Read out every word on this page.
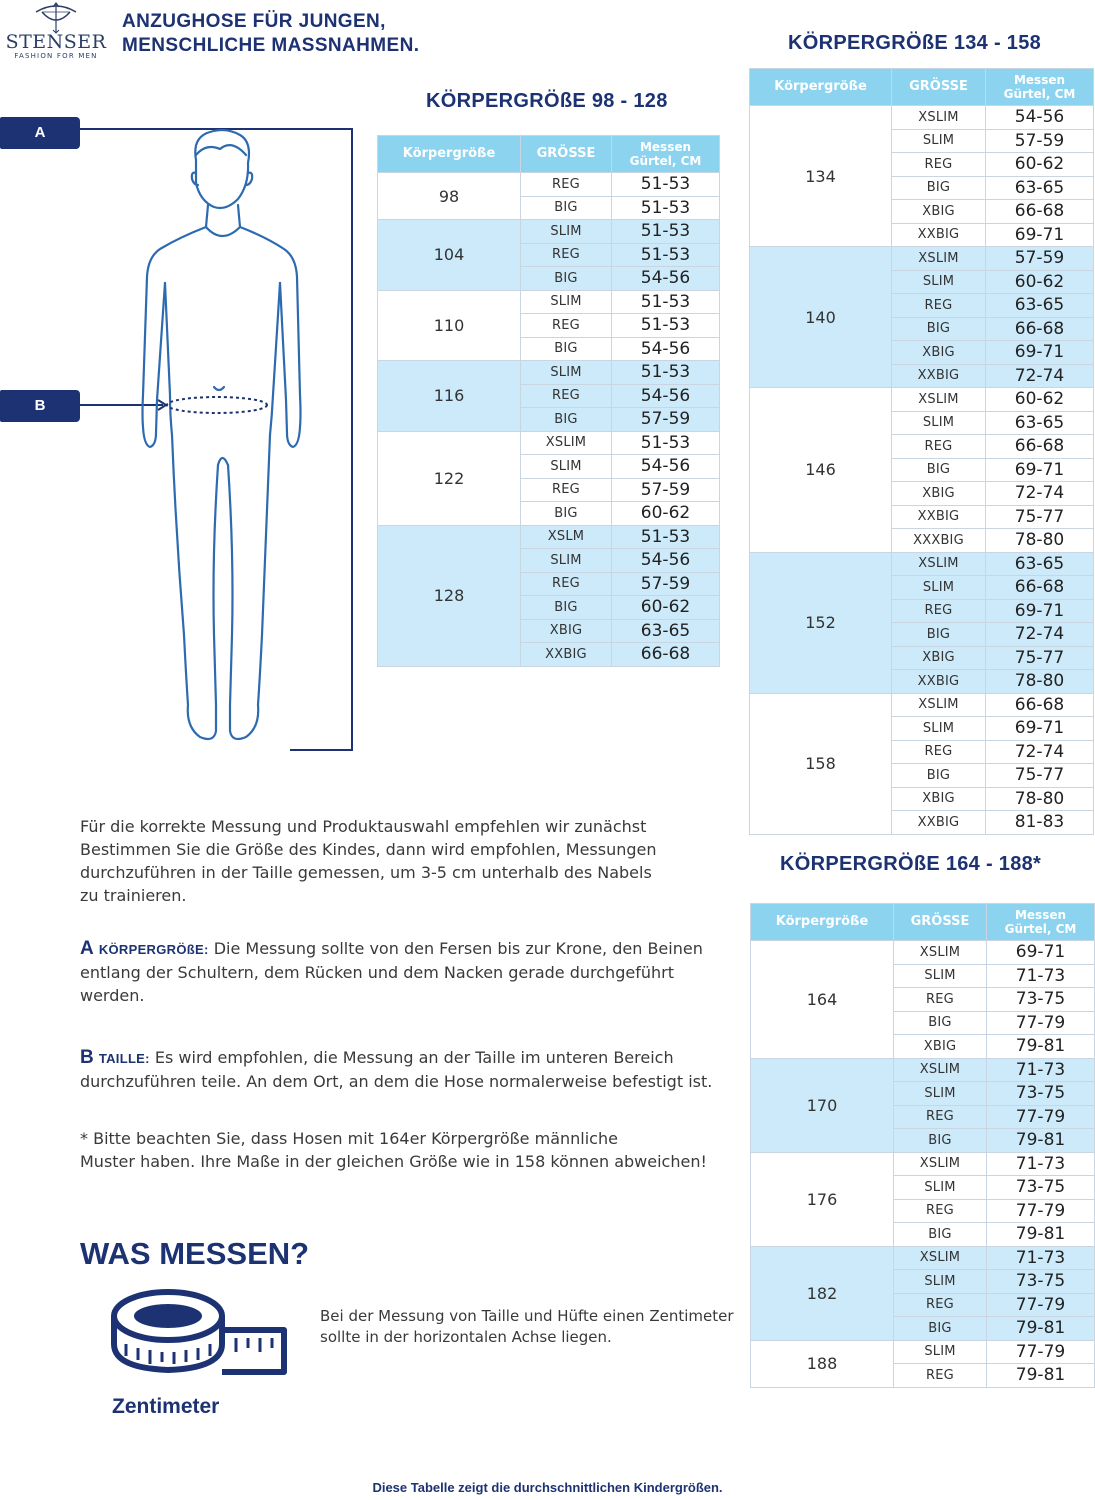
STENSER
FASHION FOR MEN
ANZUGHOSE FÜR JUNGEN,
MENSCHLICHE MASSNAHMEN.
KÖRPERGRÖßE 98 - 128
KÖRPERGRÖßE 134 - 158
KÖRPERGRÖßE 164 - 188*
Körpergröße	GRÖSSE	Messen
Gürtel, CM

98	REG	51-53
	BIG	51-53
104	SLIM	51-53
	REG	51-53
	BIG	54-56
110	SLIM	51-53
	REG	51-53
	BIG	54-56
116	SLIM	51-53
	REG	54-56
	BIG	57-59
122	XSLIM	51-53
	SLIM	54-56
	REG	57-59
	BIG	60-62
128	XSLM	51-53
	SLIM	54-56
	REG	57-59
	BIG	60-62
	XBIG	63-65
	XXBIG	66-68
Körpergröße	GRÖSSE	Messen
Gürtel, CM

134	XSLIM	54-56
	SLIM	57-59
	REG	60-62
	BIG	63-65
	XBIG	66-68
	XXBIG	69-71
140	XSLIM	57-59
	SLIM	60-62
	REG	63-65
	BIG	66-68
	XBIG	69-71
	XXBIG	72-74
146	XSLIM	60-62
	SLIM	63-65
	REG	66-68
	BIG	69-71
	XBIG	72-74
	XXBIG	75-77
	XXXBIG	78-80
152	XSLIM	63-65
	SLIM	66-68
	REG	69-71
	BIG	72-74
	XBIG	75-77
	XXBIG	78-80
158	XSLIM	66-68
	SLIM	69-71
	REG	72-74
	BIG	75-77
	XBIG	78-80
	XXBIG	81-83
Körpergröße	GRÖSSE	Messen
Gürtel, CM

164	XSLIM	69-71
	SLIM	71-73
	REG	73-75
	BIG	77-79
	XBIG	79-81
170	XSLIM	71-73
	SLIM	73-75
	REG	77-79
	BIG	79-81
176	XSLIM	71-73
	SLIM	73-75
	REG	77-79
	BIG	79-81
182	XSLIM	71-73
	SLIM	73-75
	REG	77-79
	BIG	79-81
188	SLIM	77-79
	REG	79-81
A
B
Für die korrekte Messung und Produktauswahl empfehlen wir zunächst
Bestimmen Sie die Größe des Kindes, dann wird empfohlen, Messungen
durchzuführen in der Taille gemessen, um 3-5 cm unterhalb des Nabels
zu trainieren.
A KÖRPERGRÖßE: Die Messung sollte von den Fersen bis zur Krone, den Beinen
entlang der Schultern, dem Rücken und dem Nacken gerade durchgeführt
werden.
B TAILLE: Es wird empfohlen, die Messung an der Taille im unteren Bereich
durchzuführen teile. An dem Ort, an dem die Hose normalerweise befestigt ist.
* Bitte beachten Sie, dass Hosen mit 164er Körpergröße männliche
Muster haben. Ihre Maße in der gleichen Größe wie in 158 können abweichen!
WAS MESSEN?
Zentimeter
Bei der Messung von Taille und Hüfte einen Zentimeter
sollte in der horizontalen Achse liegen.
Diese Tabelle zeigt die durchschnittlichen Kindergrößen.
